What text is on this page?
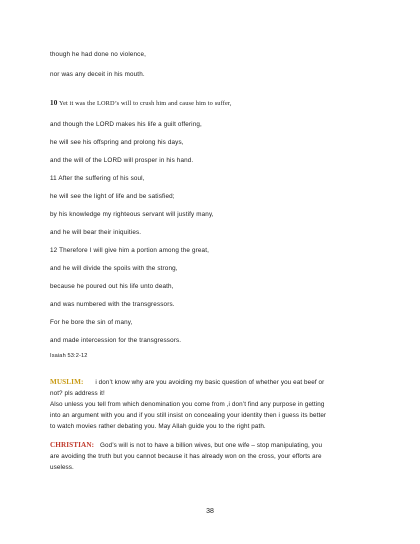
though he had done no violence,
nor was any deceit in his mouth.
10 Yet it was the LORD’s will to crush him and cause him to suffer,
and though the LORD makes his life a guilt offering,
he will see his offspring and prolong his days,
and the will of the LORD will prosper in his hand.
11 After the suffering of his soul,
he will see the light of life and be satisfied;
by his knowledge my righteous servant will justify many,
and he will bear their iniquities.
12 Therefore I will give him a portion among the great,
and he will divide the spoils with the strong,
because he poured out his life unto death,
and was numbered with the transgressors.
For he bore the sin of many,
and made intercession for the transgressors.
Isaiah 53:2-12
MUSLIM: i don’t know why are you avoiding my basic question of whether you eat beef or
not? pls address it!
Also unless you tell from which denomination you come from ,i don’t find any purpose in getting
into an argument with you and if you still insist on concealing your identity then i guess its better
to watch movies rather debating you. May Allah guide you to the right path.
CHRISTIAN: God’s will is not to have a billion wives, but one wife – stop manipulating, you
are avoiding the truth but you cannot because it has already won on the cross, your efforts are
useless.
38
